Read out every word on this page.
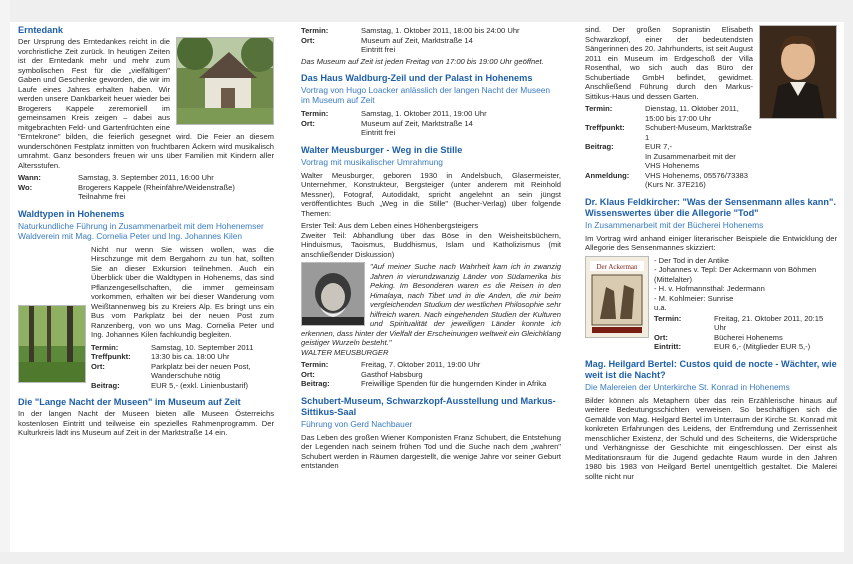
Erntedank

Der Ursprung des Erntedankes reicht in die vorchristliche Zeit zurück. In heutigen Zeiten ist der Erntedank mehr und mehr zum symbolischen Fest für die „vielfältigen" Gaben und Geschenke geworden, die wir im Laufe eines Jahres erhalten haben. Wir werden unsere Dankbarkeit heuer wieder bei Brogerers Kappele zeremoniell im gemeinsamen Kreis zeigen – dabei aus mitgebrachten Feld- und Gartenfrüchten eine "Erntekrone" bilden, die feierlich gesegnet wird. Die Feier an diesem wunderschönen Festplatz inmitten von fruchtbaren Äckern wird musikalisch umrahmt. Ganz besonders freuen wir uns über Familien mit Kindern aller Altersstufen.

Wann:	Samstag, 3. September 2011, 16:00 Uhr
Wo:	Brogerers Kappele (Rheinfähre/Weidenstraße)
Teilnahme frei
Waldtypen in Hohenems
Naturkundliche Führung in Zusammenarbeit mit dem Hohenemser Waldverein mit Mag. Cornelia Peter und Ing. Johannes Kilen

Nicht nur wenn Sie wissen wollen, was die Hirschzunge mit dem Bergahorn zu tun hat, sollten Sie an dieser Exkursion teilnehmen. Auch ein Überblick über die Waldtypen in Hohenems, das sind Pflanzengesellschaften, die immer gemeinsam vorkommen, erhalten wir bei dieser Wanderung vom Weißtannenweg bis zu Kreiers Alp. Es bringt uns ein Bus vom Parkplatz bei der neuen Post zum Ranzenberg, von wo uns Mag. Cornelia Peter und Ing. Johannes Kilen fachkundig begleiten.

Termin:	Samstag, 10. September 2011
Treffpunkt:	13:30 bis ca. 18:00 Uhr
Ort:	Parkplatz bei der neuen Post, Wanderschuhe nötig
Beitrag:	EUR 5,- (exkl. Linienbustarif)
Die "Lange Nacht der Museen" im Museum auf Zeit

In der langen Nacht der Museen bieten alle Museen Österreichs kostenlosen Eintritt und teilweise ein spezielles Rahmenprogramm. Der Kulturkreis lädt ins Museum auf Zeit in der Marktstraße 14 ein.

Termin:	Samstag, 1. Oktober 2011, 18:00 bis 24:00 Uhr
Ort:	Museum auf Zeit, Marktstraße 14
Eintritt frei

Das Museum auf Zeit ist jeden Freitag von 17:00 bis 19:00 Uhr geöffnet.

Das Haus Waldburg-Zeil und der Palast in Hohenems
Vortrag von Hugo Loacker anlässlich der langen Nacht der Museen im Museum auf Zeit
Termin:	Samstag, 1. Oktober 2011, 19:00 Uhr
Ort:	Museum auf Zeit, Marktstraße 14
Eintritt frei
Walter Meusburger - Weg in die Stille
Vortrag mit musikalischer Umrahmung

Walter Meusburger, geboren 1930 in Andelsbuch, Glasermeister, Unternehmer, Konstrukteur, Bergsteiger (unter anderem mit Reinhold Messner), Fotograf, Autodidakt, spricht angelehnt an sein jüngst veröffentlichtes Buch „Weg in die Stille" (Bucher-Verlag) über folgende Themen:

Erster Teil: Aus dem Leben eines Höhenbergsteigers

Zweiter Teil: Abhandlung über das Böse in den Weisheitsbüchern, Hinduismus, Taoismus, Buddhismus, Islam und Katholizismus (mit anschließender Diskussion)

"Auf meiner Suche nach Wahrheit kam ich in zwanzig Jahren in vierundzwanzig Länder von Südamerika bis Peking. Im Besonderen waren es die Reisen in den Himalaya, nach Tibet und in die Anden, die mir beim vergleichenden Studium der westlichen Philosophie sehr hilfreich waren. Nach eingehenden Studien der Kulturen und Spiritualität der jeweiligen Länder konnte ich erkennen, dass hinter der Vielfalt der Erscheinungen weltweit ein Gleichklang geistiger Wurzeln besteht."

WALTER MEUSBURGER

Termin:	Freitag, 7. Oktober 2011, 19:00 Uhr
Ort:	Gasthof Habsburg
Beitrag:	Freiwillige Spenden für die hungernden Kinder in Afrika
Schubert-Museum, Schwarzkopf-Ausstellung und Markus-Sittikus-Saal
Führung von Gerd Nachbauer

Das Leben des großen Wiener Komponisten Franz Schubert, die Entstehung der Legenden nach seinem frühen Tod und die Suche nach dem „wahren" Schubert werden in Räumen dargestellt, die wenige Jahre vor seiner Geburt entstanden

sind. Der großen Sopranistin Elisabeth Schwarzkopf, einer der bedeutendsten Sängerinnen des 20. Jahrhunderts, ist seit August 2011 ein Museum im Erdgeschoß der Villa Rosenthal, wo sich auch das Büro der Schubertiade GmbH befindet, gewidmet. Anschließend Führung durch den Markus-Sittikus-Haus und dessen Garten.

Termin:	Dienstag, 11. Oktober 2011, 15:00 bis 17:00 Uhr
Treffpunkt:	Schubert-Museum, Marktstraße 1
Beitrag:	EUR 7,-
In Zusammenarbeit mit der VHS Hohenems
Anmeldung:	VHS Hohenems, 05576/73383 (Kurs Nr. 37E216)
Dr. Klaus Feldkircher: "Was der Sensenmann alles kann". Wissenswertes über die Allegorie "Tod"
In Zusammenarbeit mit der Bücherei Hohenems

Im Vortrag wird anhand einiger literarischer Beispiele die Entwicklung der Allegorie des Sensenmannes skizziert:

Der Ackerman
- Der Tod in der Antike
- Johannes v. Tepl: Der Ackermann von Böhmen (Mittelalter)
- H. v. Hofmannsthal: Jedermann
- M. Kohlmeier: Sunrise
u.a.
Termin:	Freitag, 21. Oktober 2011, 20:15 Uhr
Ort:	Bücherei Hohenems
Eintritt:	EUR 6,- (Mitglieder EUR 5,-)
Mag. Heilgard Bertel: Custos quid de nocte - Wächter, wie weit ist die Nacht?
Die Malereien der Unterkirche St. Konrad in Hohenems

Bilder können als Metaphern über das rein Erzählerische hinaus auf weitere Bedeutungsschichten verweisen. So beschäftigen sich die Gemälde von Mag. Heilgard Bertel im Unterraum der Kirche St. Konrad mit konkreten Erfahrungen des Leidens, der Entfremdung und Zerrissenheit menschlicher Existenz, der Schuld und des Scheiterns, die Widersprüche und Verhängnisse der Geschichte mit eingeschlossen. Der einst als Meditationsraum für die Jugend gedachte Raum wurde in den Jahren 1980 bis 1983 von Heilgard Bertel unentgeltlich gestaltet. Die Malerei sollte nicht nur
